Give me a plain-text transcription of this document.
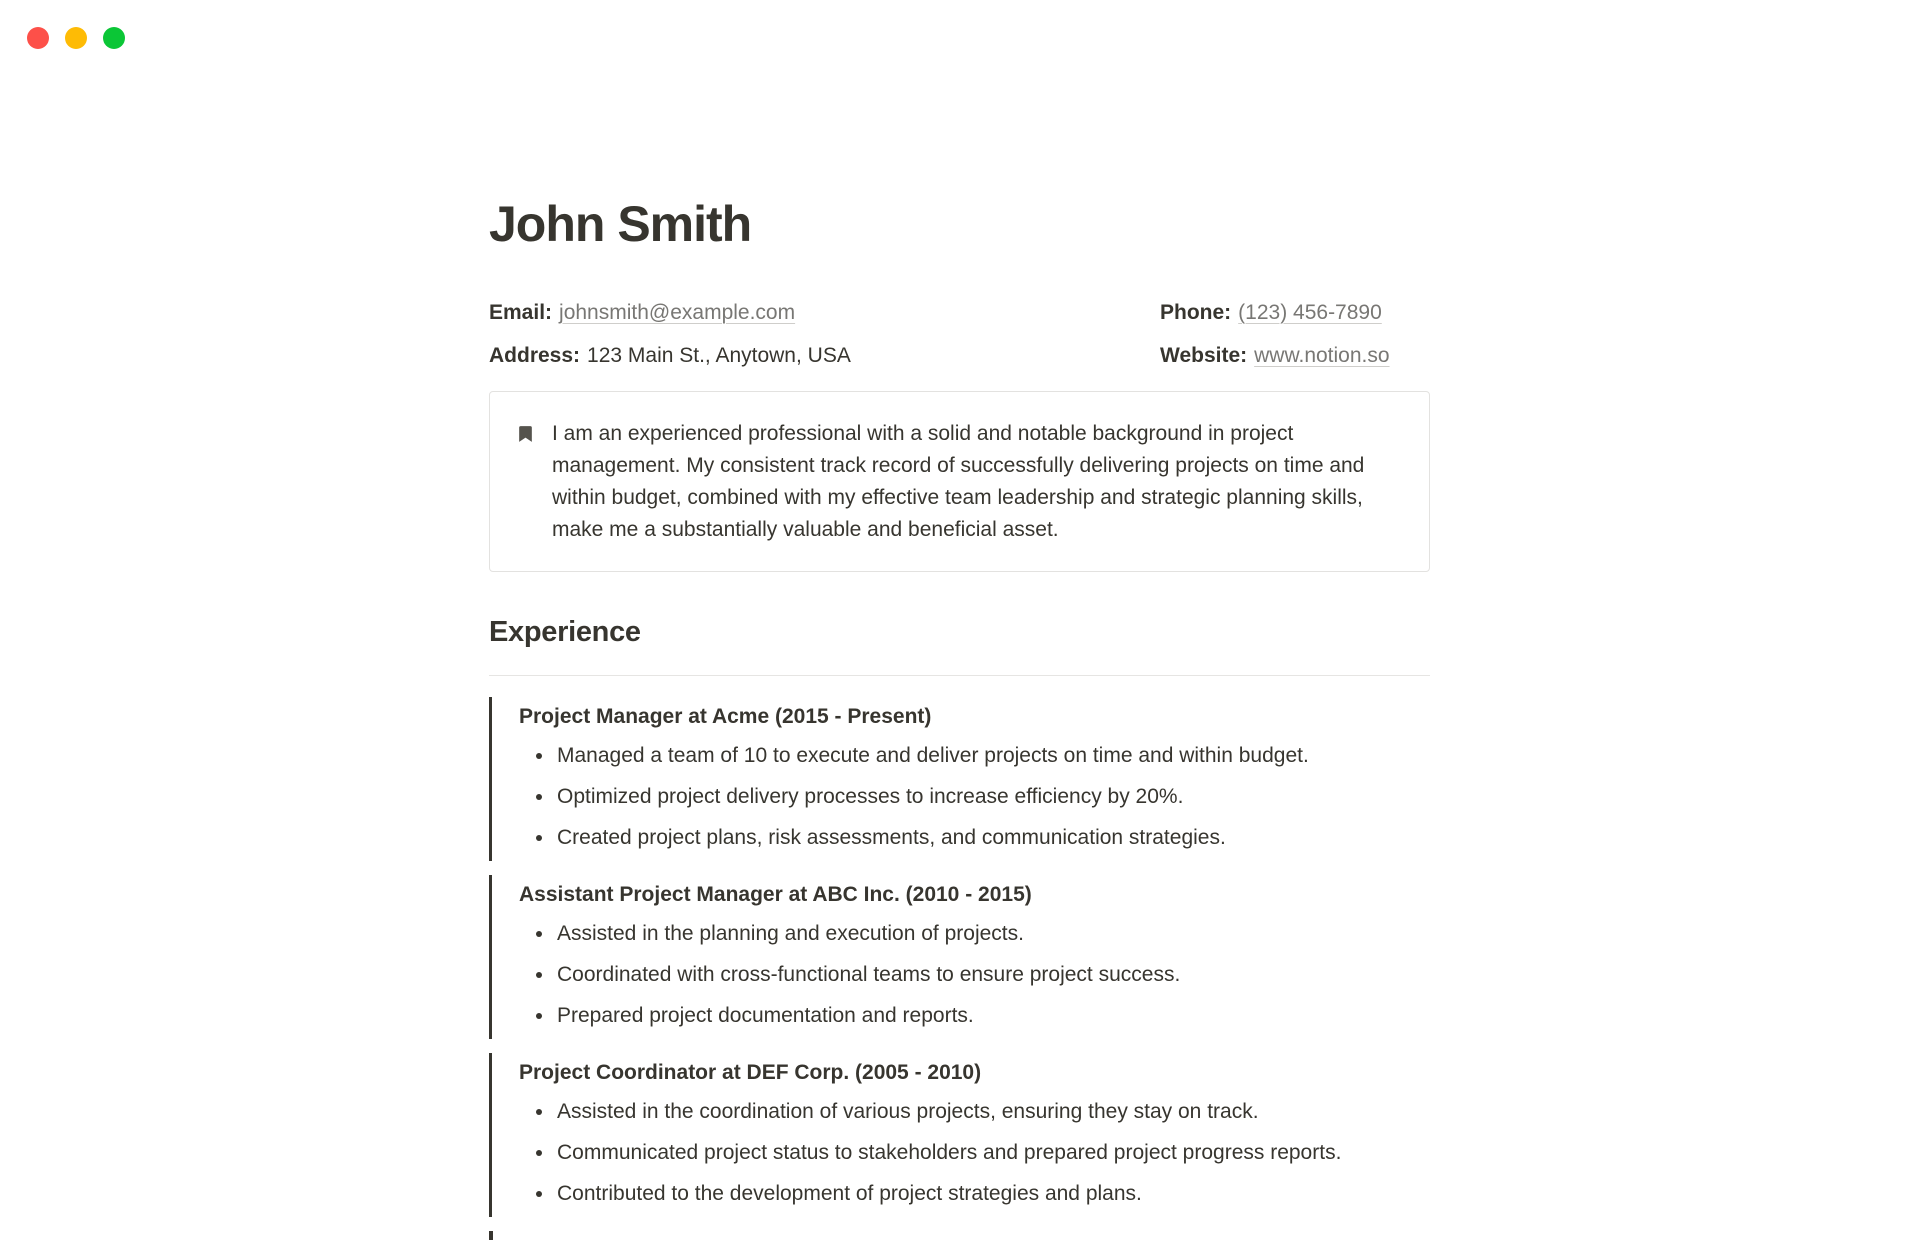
John Smith
Email: johnsmith@example.com	Phone: (123) 456-7890
Address: 123 Main St., Anytown, USA	Website: www.notion.so
I am an experienced professional with a solid and notable background in project management. My consistent track record of successfully delivering projects on time and within budget, combined with my effective team leadership and strategic planning skills, make me a substantially valuable and beneficial asset.
Experience
Project Manager at Acme (2015 - Present)
• Managed a team of 10 to execute and deliver projects on time and within budget.
• Optimized project delivery processes to increase efficiency by 20%.
• Created project plans, risk assessments, and communication strategies.
Assistant Project Manager at ABC Inc. (2010 - 2015)
• Assisted in the planning and execution of projects.
• Coordinated with cross-functional teams to ensure project success.
• Prepared project documentation and reports.
Project Coordinator at DEF Corp. (2005 - 2010)
• Assisted in the coordination of various projects, ensuring they stay on track.
• Communicated project status to stakeholders and prepared project progress reports.
• Contributed to the development of project strategies and plans.
